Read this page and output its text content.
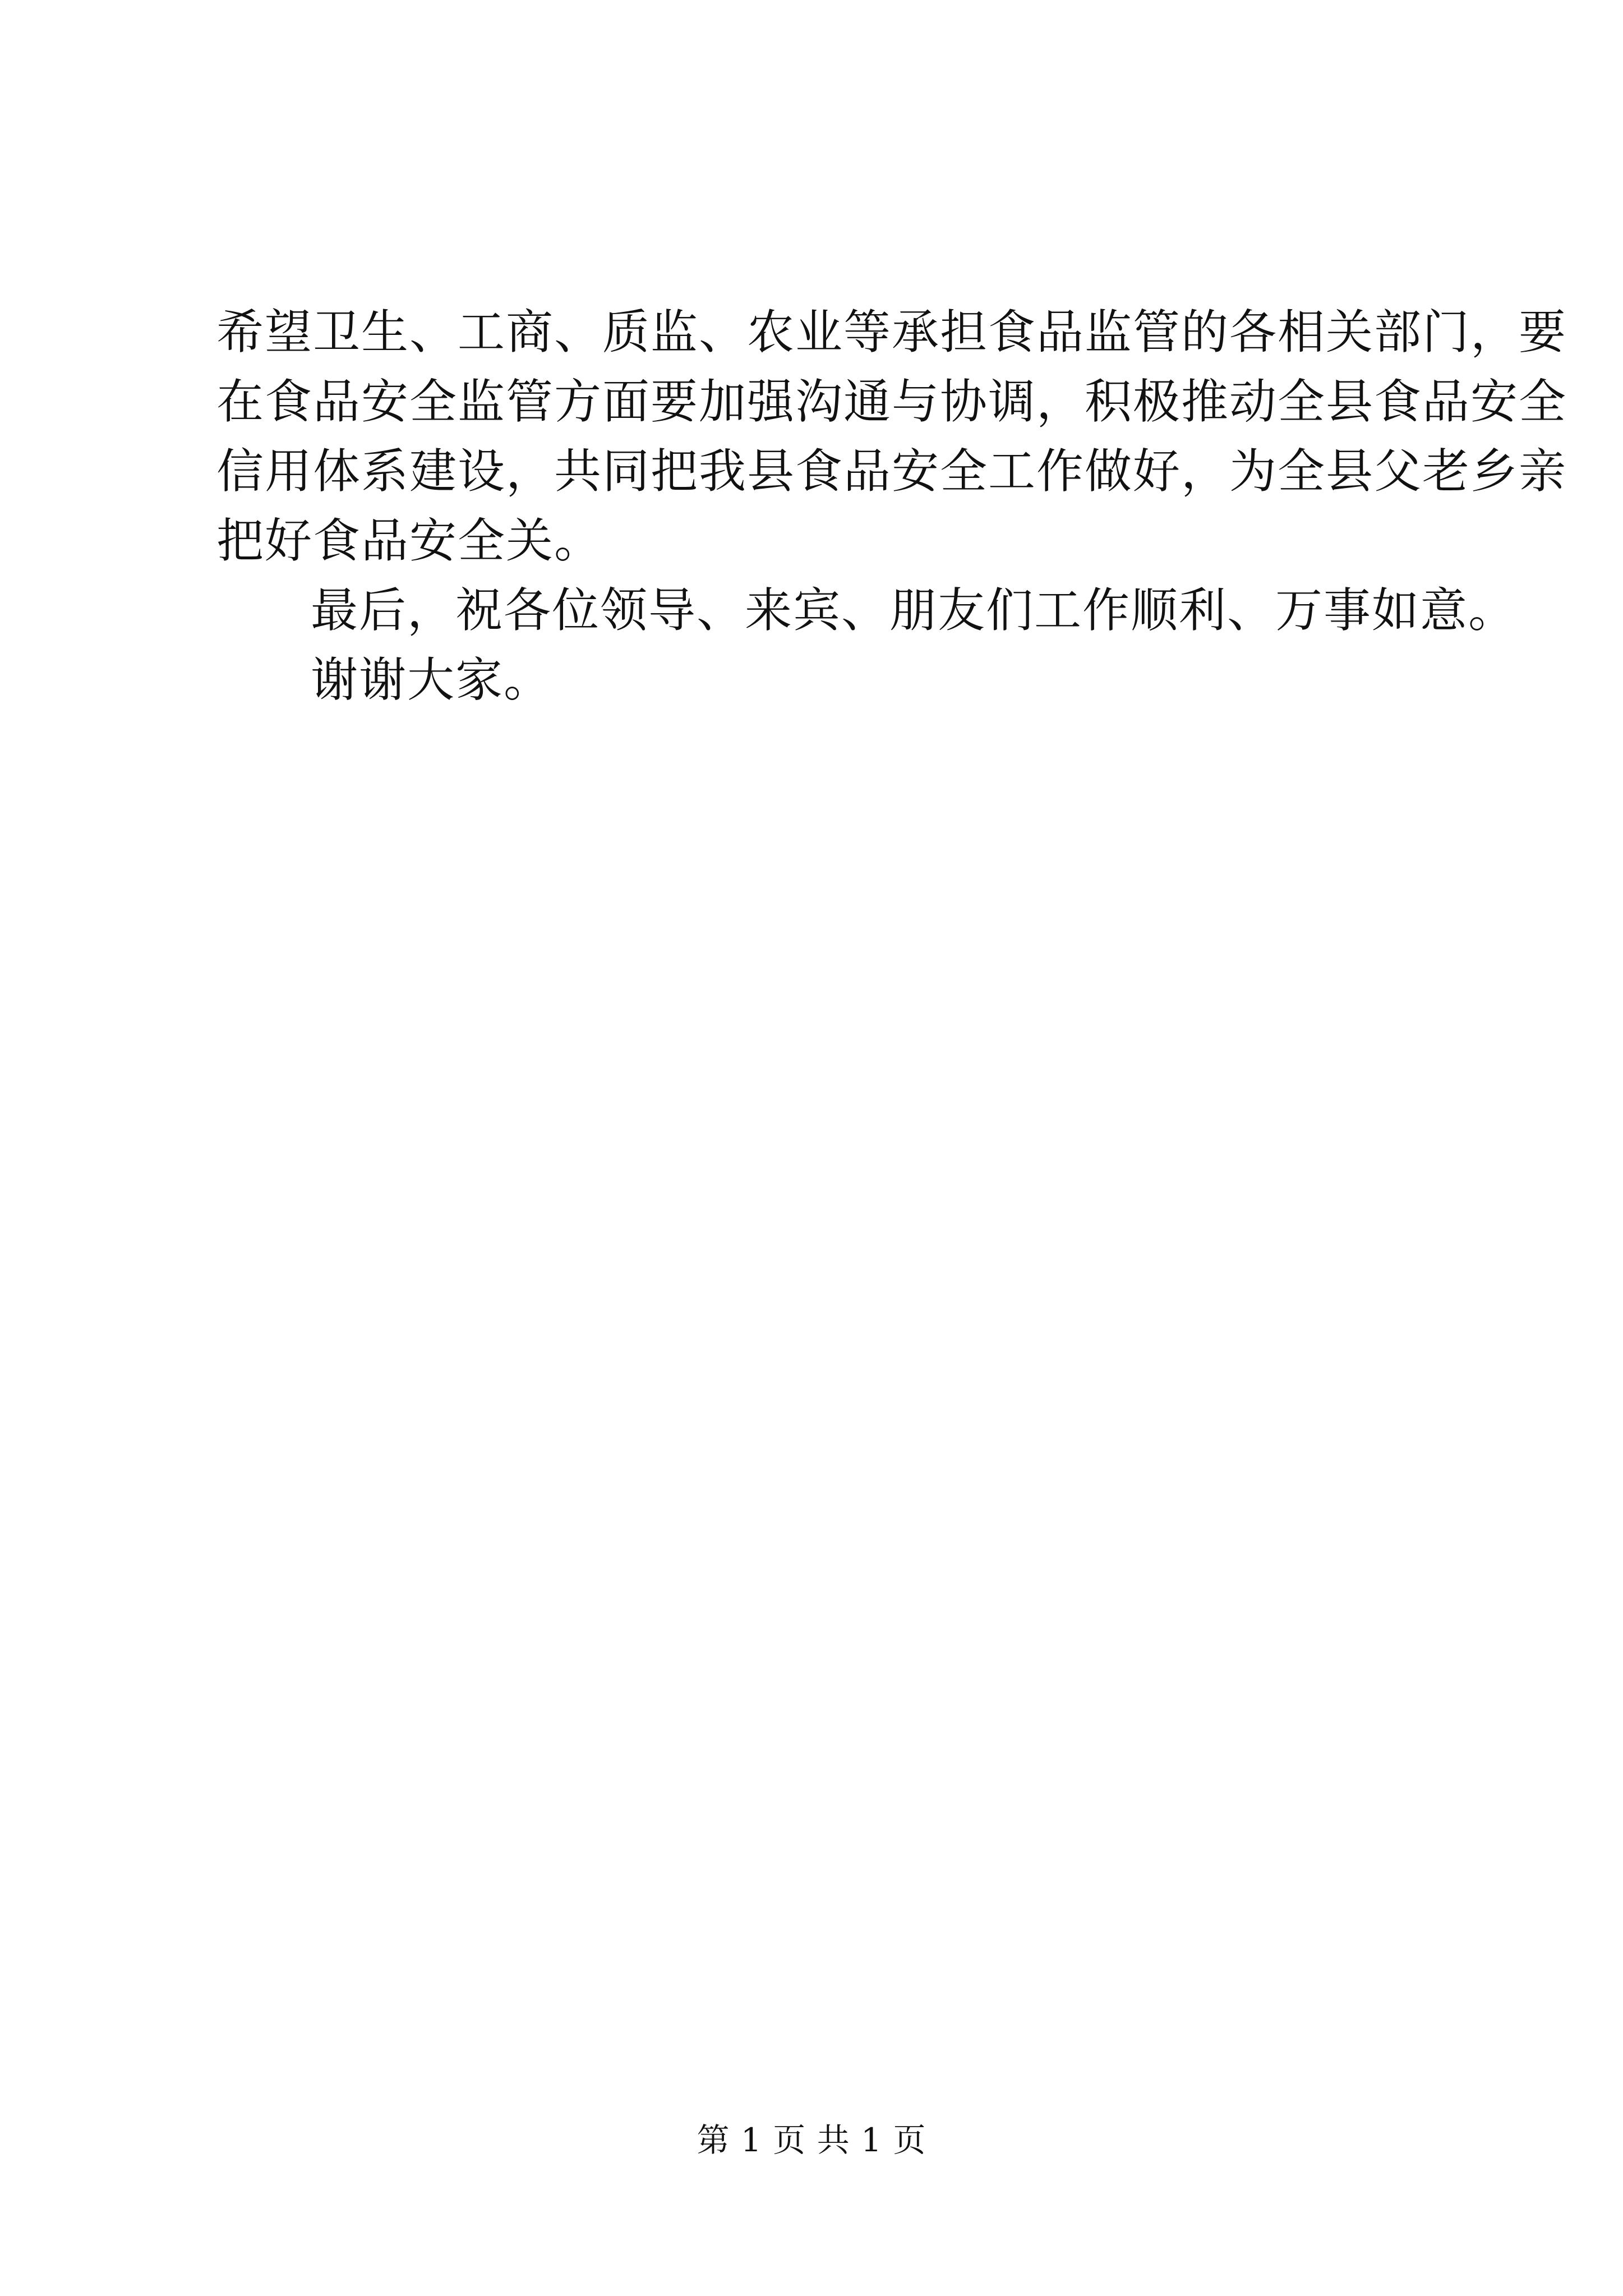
希望卫生、工商、质监、农业等承担食品监管的各相关部门，要
在食品安全监管方面要加强沟通与协调，积极推动全县食品安全
信用体系建设，共同把我县食品安全工作做好，为全县父老乡亲
把好食品安全关。
最后，祝各位领导、来宾、朋友们工作顺利、万事如意。
谢谢大家。
第 1 页 共 1 页
